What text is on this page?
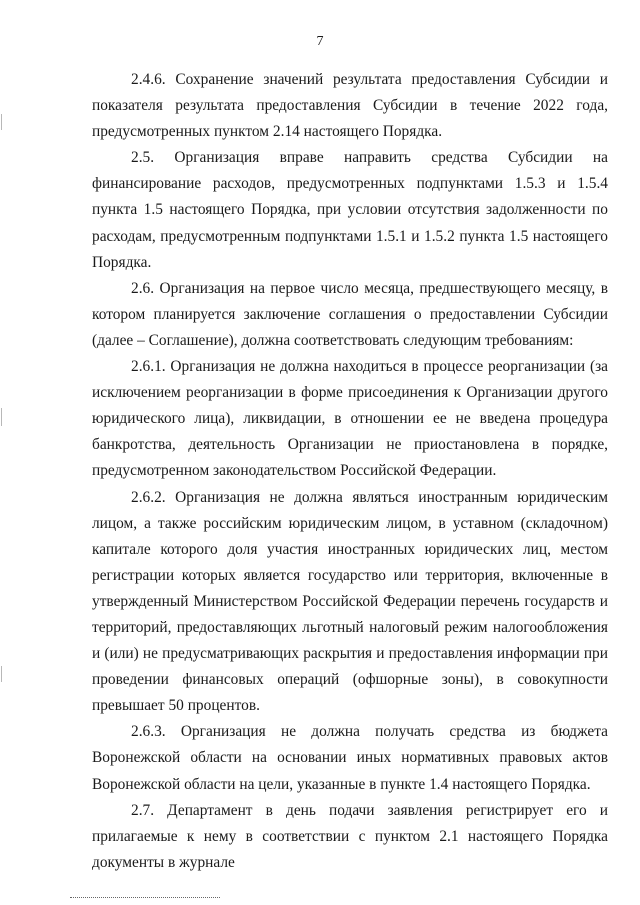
7

2.4.6. Сохранение значений результата предоставления Субсидии и показателя результата предоставления Субсидии в течение 2022 года, предусмотренных пунктом 2.14 настоящего Порядка.

2.5. Организация вправе направить средства Субсидии на финансирование расходов, предусмотренных подпунктами 1.5.3 и 1.5.4 пункта 1.5 настоящего Порядка, при условии отсутствия задолженности по расходам, предусмотренным подпунктами 1.5.1 и 1.5.2 пункта 1.5 настоящего Порядка.

2.6. Организация на первое число месяца, предшествующего месяцу, в котором планируется заключение соглашения о предоставлении Субсидии (далее – Соглашение), должна соответствовать следующим требованиям:

2.6.1. Организация не должна находиться в процессе реорганизации (за исключением реорганизации в форме присоединения к Организации другого юридического лица), ликвидации, в отношении ее не введена процедура банкротства, деятельность Организации не приостановлена в порядке, предусмотренном законодательством Российской Федерации.

2.6.2. Организация не должна являться иностранным юридическим лицом, а также российским юридическим лицом, в уставном (складочном) капитале которого доля участия иностранных юридических лиц, местом регистрации которых является государство или территория, включенные в утвержденный Министерством Российской Федерации перечень государств и территорий, предоставляющих льготный налоговый режим налогообложения и (или) не предусматривающих раскрытия и предоставления информации при проведении финансовых операций (офшорные зоны), в совокупности превышает 50 процентов.

2.6.3. Организация не должна получать средства из бюджета Воронежской области на основании иных нормативных правовых актов Воронежской области на цели, указанные в пункте 1.4 настоящего Порядка.

2.7. Департамент в день подачи заявления регистрирует его и прилагаемые к нему в соответствии с пунктом 2.1 настоящего Порядка документы в журнале
